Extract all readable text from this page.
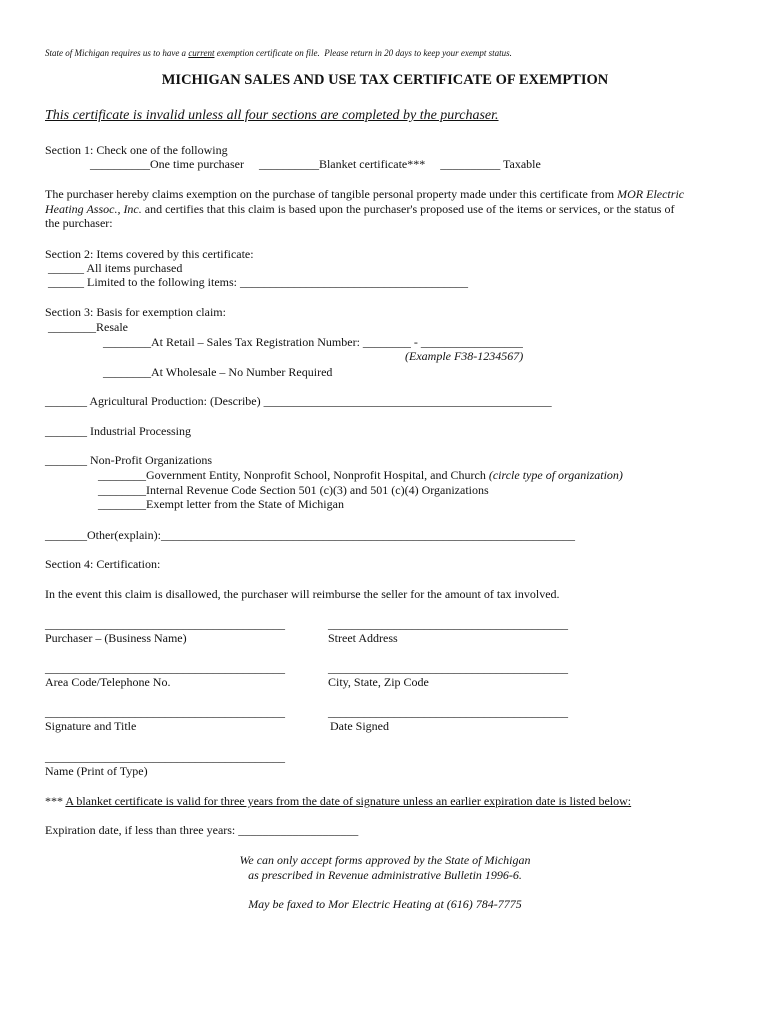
State of Michigan requires us to have a current exemption certificate on file.  Please return in 20 days to keep your exempt status.
MICHIGAN SALES AND USE TAX CERTIFICATE OF EXEMPTION
This certificate is invalid unless all four sections are completed by the purchaser.
Section 1: Check one of the following
__________One time purchaser     __________Blanket certificate***     __________ Taxable
The purchaser hereby claims exemption on the purchase of tangible personal property made under this certificate from MOR Electric
Heating Assoc., Inc. and certifies that this claim is based upon the purchaser's proposed use of the items or services, or the status of
the purchaser:
Section 2: Items covered by this certificate:
______ All items purchased
______ Limited to the following items: ______________________________________
Section 3: Basis for exemption claim:
________Resale
________At Retail – Sales Tax Registration Number: ________ - _________________
(Example F38-1234567)
________At Wholesale – No Number Required
_______ Agricultural Production: (Describe) ________________________________________________
_______ Industrial Processing
_______ Non-Profit Organizations
________Government Entity, Nonprofit School, Nonprofit Hospital, and Church (circle type of organization)
________Internal Revenue Code Section 501 (c)(3) and 501 (c)(4) Organizations
________Exempt letter from the State of Michigan
_______Other(explain):_____________________________________________________________________
Section 4: Certification:
In the event this claim is disallowed, the purchaser will reimburse the seller for the amount of tax involved.
________________________________________	________________________________________
Purchaser – (Business Name)	Street Address
________________________________________	________________________________________
Area Code/Telephone No.	City, State, Zip Code
________________________________________	________________________________________
Signature and Title	Date Signed
________________________________________
Name (Print of Type)
*** A blanket certificate is valid for three years from the date of signature unless an earlier expiration date is listed below:
Expiration date, if less than three years: ____________________
We can only accept forms approved by the State of Michigan
as prescribed in Revenue administrative Bulletin 1996-6.
May be faxed to Mor Electric Heating at (616) 784-7775
